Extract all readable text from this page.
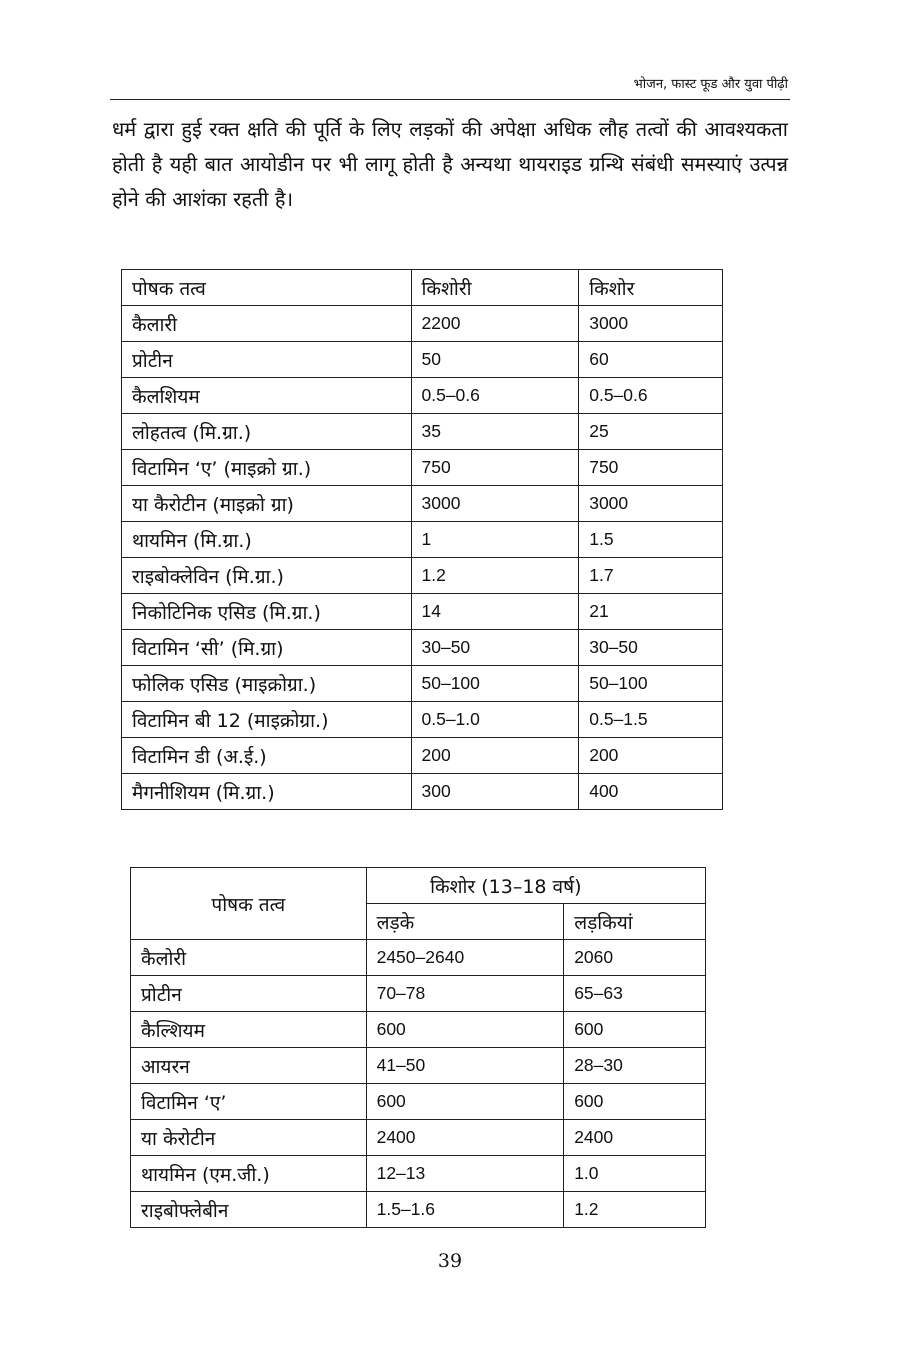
भोजन, फास्ट फूड और युवा पीढ़ी

धर्म द्वारा हुई रक्त क्षति की पूर्ति के लिए लड़कों की अपेक्षा अधिक लौह तत्वों की आवश्यकता होती है यही बात आयोडीन पर भी लागू होती है अन्यथा थायराइड ग्रन्थि संबंधी समस्याएं उत्पन्न होने की आशंका रहती है।

पोषक तत्व	किशोरी	किशोर
कैलारी	2200	3000
प्रोटीन	50	60
कैलशियम	0.5–0.6	0.5–0.6
लोहतत्व (मि.ग्रा.)	35	25
विटामिन ‘ए’ (माइक्रो ग्रा.)	750	750
या कैरोटीन (माइक्रो ग्रा)	3000	3000
थायमिन (मि.ग्रा.)	1	1.5
राइबोक्लेविन (मि.ग्रा.)	1.2	1.7
निकोटिनिक एसिड (मि.ग्रा.)	14	21
विटामिन ‘सी’ (मि.ग्रा)	30–50	30–50
फोलिक एसिड (माइक्रोग्रा.)	50–100	50–100
विटामिन बी 12 (माइक्रोग्रा.)	0.5–1.0	0.5–1.5
विटामिन डी (अ.ई.)	200	200
मैगनीशियम (मि.ग्रा.)	300	400
पोषक तत्व	किशोर (13–18 वर्ष)	
	लड़के	लड़कियां
कैलोरी	2450–2640	2060
प्रोटीन	70–78	65–63
कैल्शियम	600	600
आयरन	41–50	28–30
विटामिन ‘ए’	600	600
या केरोटीन	2400	2400
थायमिन (एम.जी.)	12–13	1.0
राइबोफ्लेबीन	1.5–1.6	1.2
39
